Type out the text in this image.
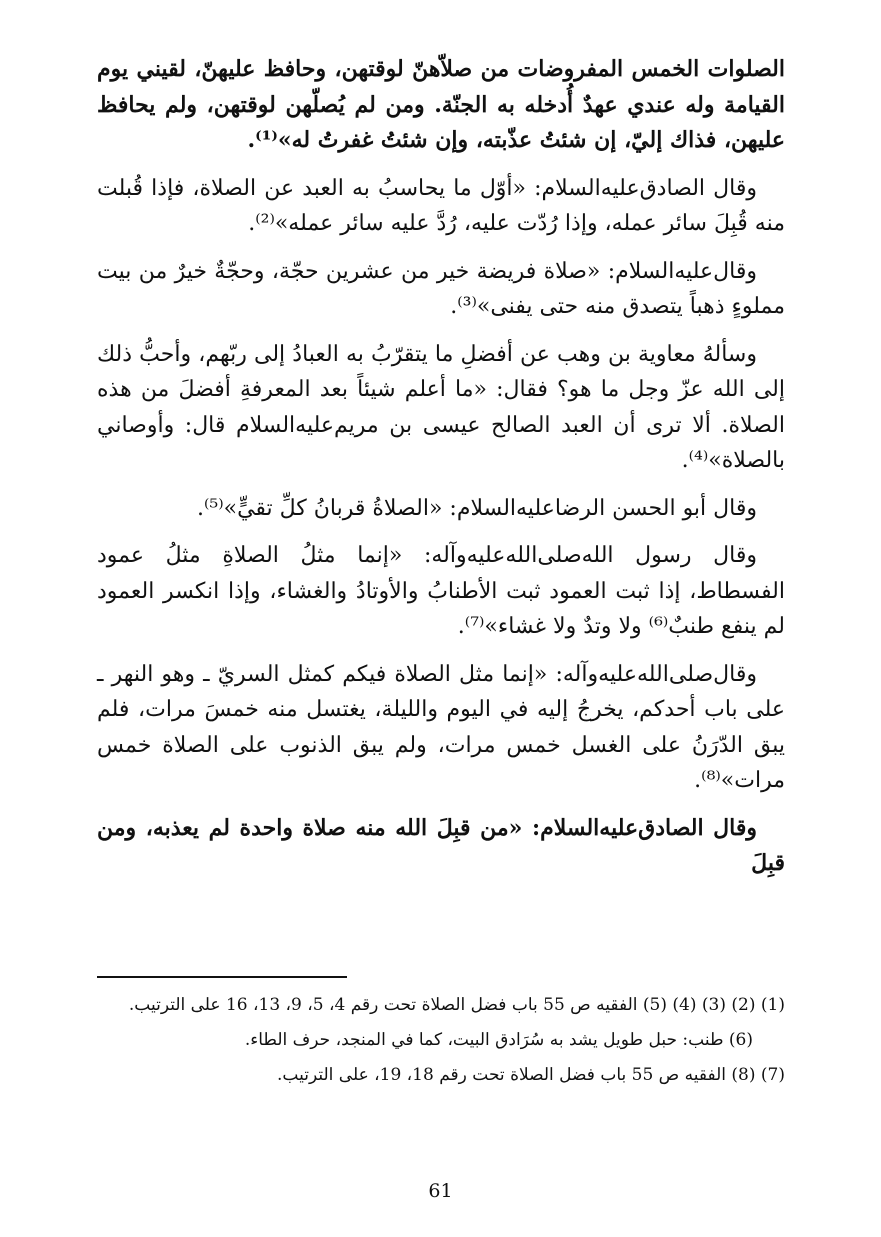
الصلوات الخمس المفروضات من صلاّهنّ لوقتهن، وحافظ عليهنّ، لقيني يوم القيامة وله عندي عهدٌ أُدخله به الجنّة. ومن لم يُصلّهن لوقتهن، ولم يحافظ عليهن، فذاك إليّ، إن شئتُ عذّبته، وإن شئتُ غفرتُ له»⁽¹⁾.

وقال الصادق‌عليه‌السلام: «أوّل ما يحاسبُ به العبد عن الصلاة، فإذا قُبلت منه قُبِلَ سائر عمله، وإذا رُدّت عليه، رُدَّ عليه سائر عمله»⁽²⁾.

وقال‌عليه‌السلام: «صلاة فريضة خير من عشرين حجّة، وحجّةٌ خيرٌ من بيت مملوءٍ ذهباً يتصدق منه حتى يفنى»⁽³⁾.

وسألهُ معاوية بن وهب عن أفضلِ ما يتقرّبُ به العبادُ إلى ربّهم، وأحبُّ ذلك إلى الله عزّ وجل ما هو؟ فقال: «ما أعلم شيئاً بعد المعرفةِ أفضلَ من هذه الصلاة. ألا ترى أن العبد الصالح عيسى بن مريم‌عليه‌السلام قال: وأوصاني بالصلاة»⁽⁴⁾.

وقال أبو الحسن الرضا‌عليه‌السلام: «الصلاةُ قربانُ كلِّ تقيٍّ»⁽⁵⁾.

وقال رسول الله‌صلى‌الله‌عليه‌وآله: «إنما مثلُ الصلاةِ مثلُ عمود الفسطاط، إذا ثبت العمود ثبت الأطنابُ والأوتادُ والغشاء، وإذا انكسر العمود لم ينفع طنبٌ⁽⁶⁾ ولا وتدٌ ولا غشاء»⁽⁷⁾.

وقال‌صلى‌الله‌عليه‌وآله: «إنما مثل الصلاة فيكم كمثل السريّ ـ وهو النهر ـ على باب أحدكم، يخرجُ إليه في اليوم والليلة، يغتسل منه خمسَ مرات، فلم يبق الدّرَنُ على الغسل خمس مرات، ولم يبق الذنوب على الصلاة خمس مرات»⁽⁸⁾.

وقال الصادق‌عليه‌السلام: «من قبِلَ الله منه صلاة واحدة لم يعذبه، ومن قبِلَ

(1) (2) (3) (4) (5) الفقيه ص 55 باب فضل الصلاة تحت رقم 4، 5، 9، 13، 16 على الترتيب.

(6) طنب: حبل طويل يشد به سُرَادق البيت، كما في المنجد، حرف الطاء.

(7) (8) الفقيه ص 55 باب فضل الصلاة تحت رقم 18، 19، على الترتيب.

61
